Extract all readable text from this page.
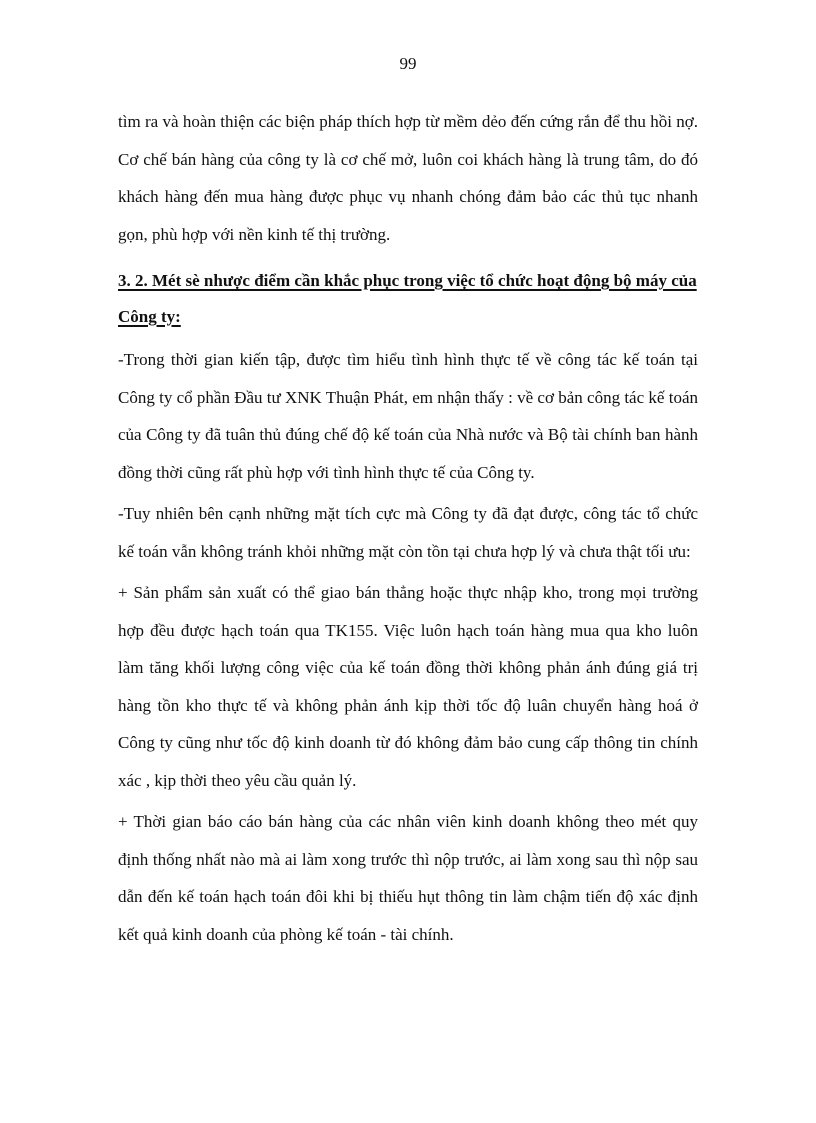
99

tìm ra và hoàn thiện các biện pháp thích hợp từ mềm dẻo đến cứng rắn để thu hồi nợ. Cơ chế bán hàng của công ty là cơ chế mở, luôn coi khách hàng là trung tâm, do đó khách hàng đến mua hàng được phục vụ nhanh chóng đảm bảo các thủ tục nhanh gọn, phù hợp với nền kinh tế thị trường.

3. 2. Mét sè nhược điểm cần khắc phục trong việc tổ chức hoạt động bộ máy của Công ty:

-Trong thời gian kiến tập, được tìm hiểu tình hình thực tế về công tác kế toán tại Công ty cổ phần Đầu tư XNK Thuận Phát, em nhận thấy : về cơ bản công tác kế toán của Công ty đã tuân thủ đúng chế độ kế toán của Nhà nước và Bộ tài chính ban hành đồng thời cũng rất phù hợp với tình hình thực tế của Công ty.

-Tuy nhiên bên cạnh những mặt tích cực mà Công ty đã đạt được, công tác tổ chức kế toán vẫn không tránh khỏi những mặt còn tồn tại chưa hợp lý và chưa thật tối ưu:

+ Sản phẩm sản xuất có thể giao bán thẳng hoặc thực nhập kho, trong mọi trường hợp đều được hạch toán qua TK155. Việc luôn hạch toán hàng mua qua kho luôn làm tăng khối lượng công việc của kế toán đồng thời không phản ánh đúng giá trị hàng tồn kho thực tế và không phản ánh kịp thời tốc độ luân chuyển hàng hoá ở Công ty cũng như tốc độ kinh doanh từ đó không đảm bảo cung cấp thông tin chính xác , kịp thời theo yêu cầu quản lý.

+ Thời gian báo cáo bán hàng của các nhân viên kinh doanh không theo mét quy định thống nhất nào mà ai làm xong trước thì nộp trước, ai làm xong sau thì nộp sau dẫn đến kế toán hạch toán đôi khi bị thiếu hụt thông tin làm chậm tiến độ xác định kết quả kinh doanh của phòng kế toán - tài chính.
